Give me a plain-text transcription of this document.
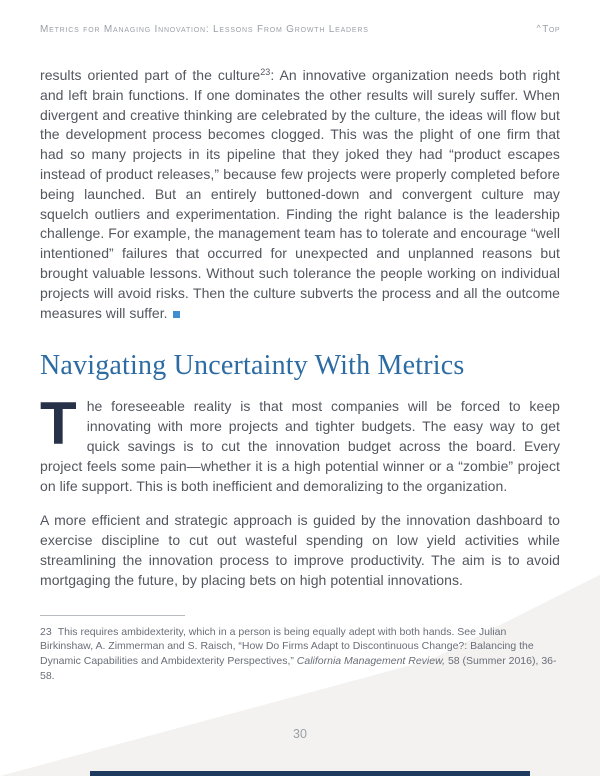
Metrics for Managing Innovation: Lessons From Growth Leaders	^Top

results oriented part of the culture$^{23}$: An innovative organization needs both right and left brain functions. If one dominates the other results will surely suffer. When divergent and creative thinking are celebrated by the culture, the ideas will flow but the development process becomes clogged. This was the plight of one firm that had so many projects in its pipeline that they joked they had “product escapes instead of product releases,” because few projects were properly completed before being launched. But an entirely buttoned-down and convergent culture may squelch outliers and experimentation. Finding the right balance is the leadership challenge. For example, the management team has to tolerate and encourage “well intentioned” failures that occurred for unexpected and unplanned reasons but brought valuable lessons. Without such tolerance the people working on individual projects will avoid risks. Then the culture subverts the process and all the outcome measures will suffer.

Navigating Uncertainty With Metrics

The foreseeable reality is that most companies will be forced to keep innovating with more projects and tighter budgets. The easy way to get quick savings is to cut the innovation budget across the board. Every project feels some pain—whether it is a high potential winner or a “zombie” project on life support. This is both inefficient and demoralizing to the organization.

A more efficient and strategic approach is guided by the innovation dashboard to exercise discipline to cut out wasteful spending on low yield activities while streamlining the innovation process to improve productivity. The aim is to avoid mortgaging the future, by placing bets on high potential innovations.

23 This requires ambidexterity, which in a person is being equally adept with both hands. See Julian Birkinshaw, A. Zimmerman and S. Raisch, “How Do Firms Adapt to Discontinuous Change?: Balancing the Dynamic Capabilities and Ambidexterity Perspectives,” California Management Review, 58 (Summer 2016), 36-58.
30
